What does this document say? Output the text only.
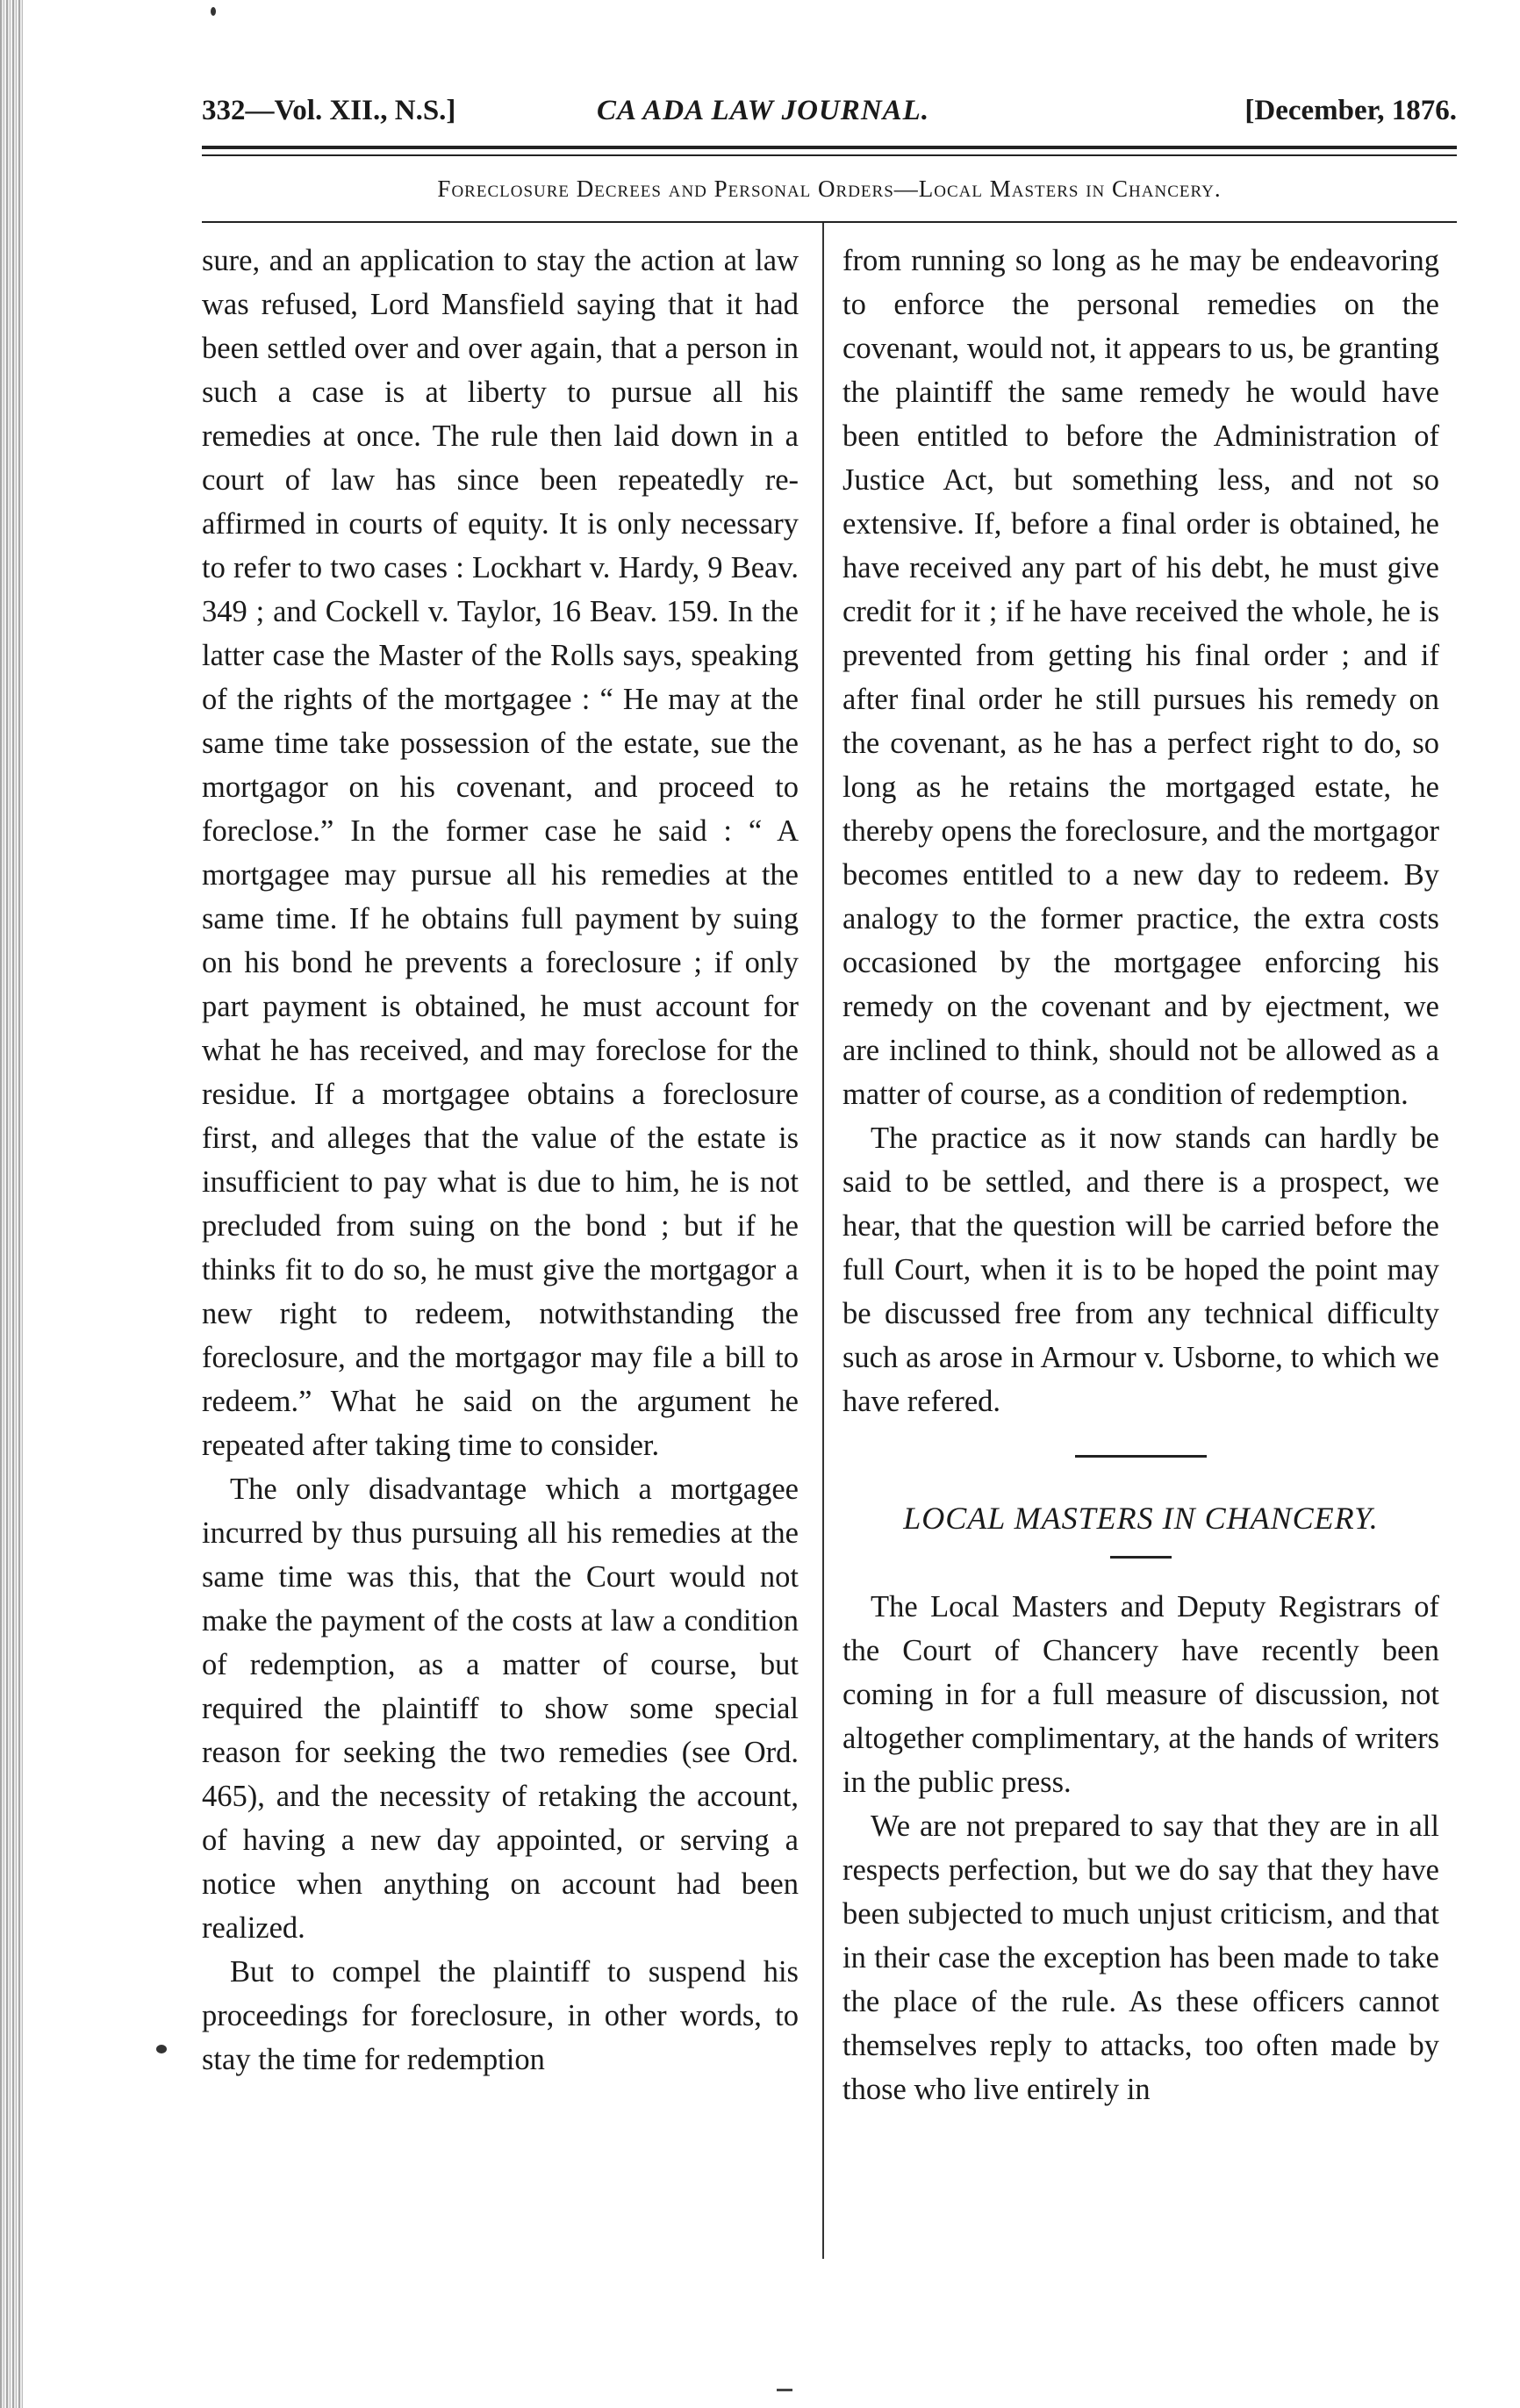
332—Vol. XII., N.S.]	CA ADA LAW JOURNAL.	[December, 1876.
Foreclosure Decrees and Personal Orders—Local Masters in Chancery.

sure, and an application to stay the action at law was refused, Lord Mansfield saying that it had been settled over and over again, that a person in such a case is at liberty to pursue all his remedies at once. The rule then laid down in a court of law has since been repeatedly re-affirmed in courts of equity. It is only necessary to refer to two cases : Lockhart v. Hardy, 9 Beav. 349 ; and Cockell v. Taylor, 16 Beav. 159. In the latter case the Master of the Rolls says, speaking of the rights of the mortgagee : “ He may at the same time take possession of the estate, sue the mortgagor on his covenant, and proceed to foreclose.” In the former case he said : “ A mortgagee may pursue all his remedies at the same time. If he obtains full payment by suing on his bond he prevents a foreclosure ; if only part payment is obtained, he must account for what he has received, and may foreclose for the residue. If a mortgagee obtains a foreclosure first, and alleges that the value of the estate is insufficient to pay what is due to him, he is not precluded from suing on the bond ; but if he thinks fit to do so, he must give the mortgagor a new right to redeem, notwithstanding the foreclosure, and the mortgagor may file a bill to redeem.” What he said on the argument he repeated after taking time to consider.

The only disadvantage which a mortgagee incurred by thus pursuing all his remedies at the same time was this, that the Court would not make the payment of the costs at law a condition of redemption, as a matter of course, but required the plaintiff to show some special reason for seeking the two remedies (see Ord. 465), and the necessity of retaking the account, of having a new day appointed, or serving a notice when anything on account had been realized.

But to compel the plaintiff to suspend his proceedings for foreclosure, in other words, to stay the time for redemption

from running so long as he may be endeavoring to enforce the personal remedies on the covenant, would not, it appears to us, be granting the plaintiff the same remedy he would have been entitled to before the Administration of Justice Act, but something less, and not so extensive. If, before a final order is obtained, he have received any part of his debt, he must give credit for it ; if he have received the whole, he is prevented from getting his final order ; and if after final order he still pursues his remedy on the covenant, as he has a perfect right to do, so long as he retains the mortgaged estate, he thereby opens the foreclosure, and the mortgagor becomes entitled to a new day to redeem. By analogy to the former practice, the extra costs occasioned by the mortgagee enforcing his remedy on the covenant and by ejectment, we are inclined to think, should not be allowed as a matter of course, as a condition of redemption.

The practice as it now stands can hardly be said to be settled, and there is a prospect, we hear, that the question will be carried before the full Court, when it is to be hoped the point may be discussed free from any technical difficulty such as arose in Armour v. Usborne, to which we have refered.

LOCAL MASTERS IN CHANCERY.

The Local Masters and Deputy Registrars of the Court of Chancery have recently been coming in for a full measure of discussion, not altogether complimentary, at the hands of writers in the public press.

We are not prepared to say that they are in all respects perfection, but we do say that they have been subjected to much unjust criticism, and that in their case the exception has been made to take the place of the rule. As these officers cannot themselves reply to attacks, too often made by those who live entirely in
